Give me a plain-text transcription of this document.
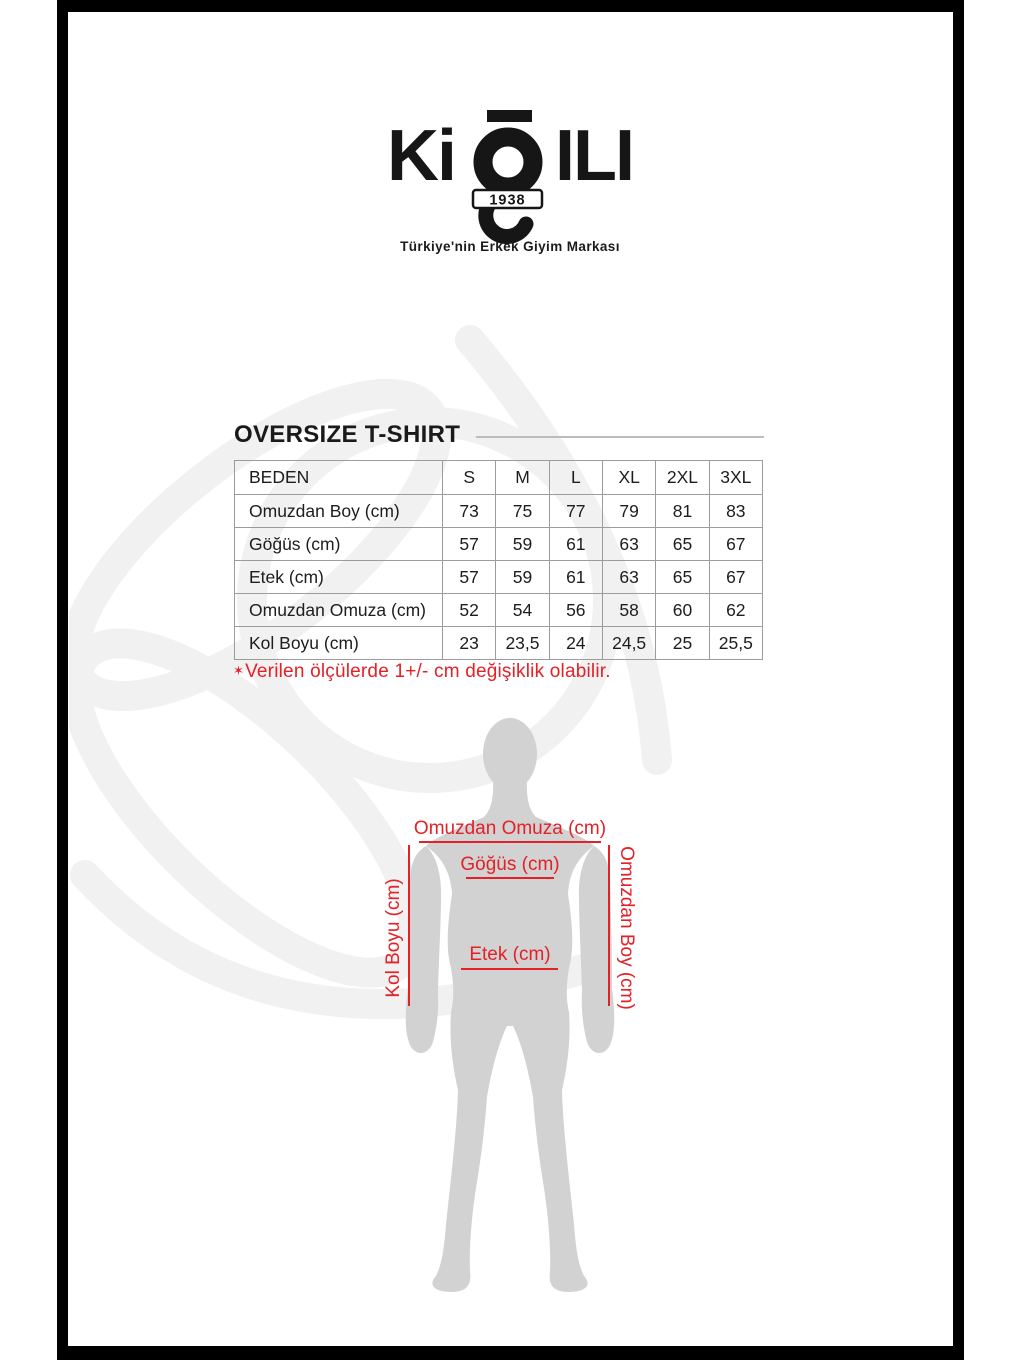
Ki
1938
ILI
Türkiye'nin Erkek Giyim Markası
OVERSIZE T-SHIRT
BEDEN	S	M	L	XL	2XL	3XL
Omuzdan Boy (cm)	73	75	77	79	81	83
Göğüs (cm)	57	59	61	63	65	67
Etek (cm)	57	59	61	63	65	67
Omuzdan Omuza (cm)	52	54	56	58	60	62
Kol Boyu (cm)	23	23,5	24	24,5	25	25,5
✶Verilen ölçülerde 1+/- cm değişiklik olabilir.
Omuzdan Omuza (cm)
Göğüs (cm)
Etek (cm)
Kol Boyu (cm)	Omuzdan Boy (cm)
